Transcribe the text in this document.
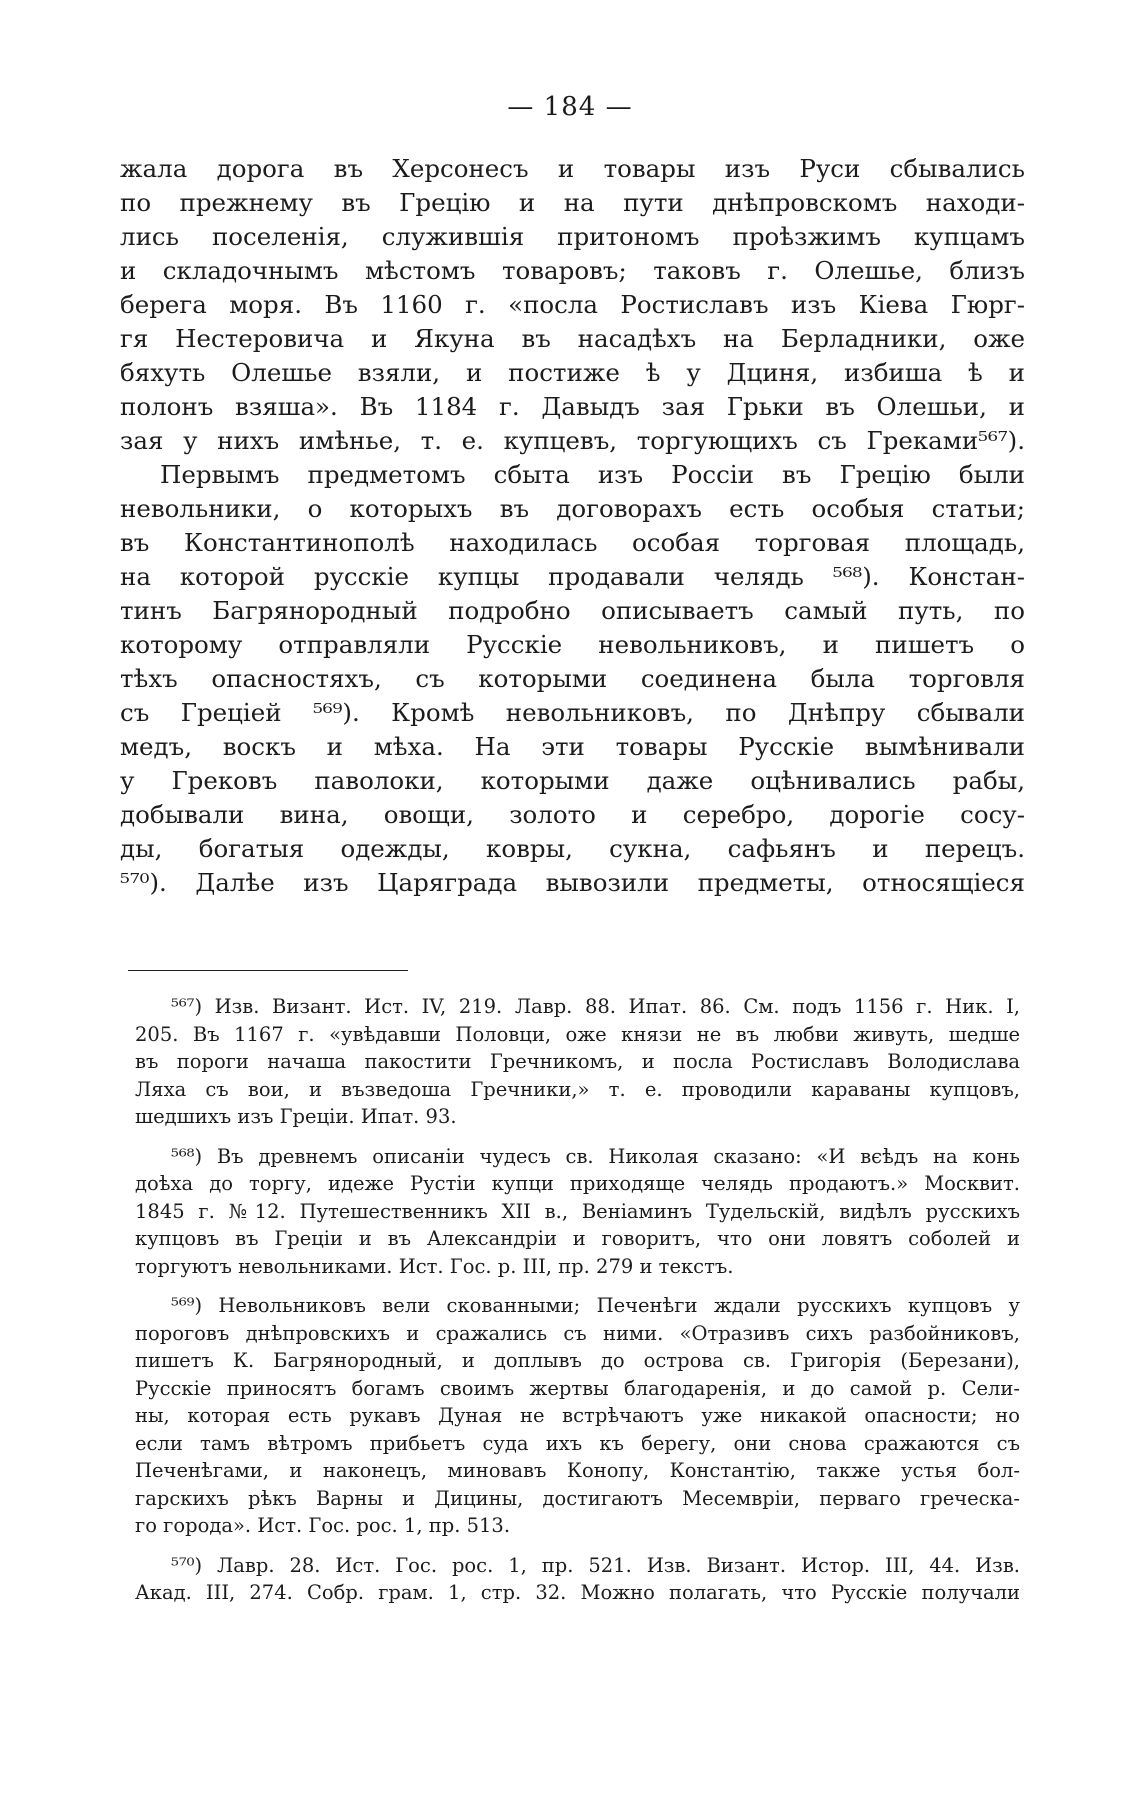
— 184 —
жала дорога въ Херсонесъ и товары изъ Руси сбывались
по прежнему въ Грецію и на пути днѣпровскомъ находи-
лись поселенія, служившія притономъ проѣзжимъ купцамъ
и складочнымъ мѣстомъ товаровъ; таковъ г. Олешье, близъ
берега моря. Въ 1160 г. «посла Ростиславъ изъ Кіева Гюрг-
гя Нестеровича и Якуна въ насадѣхъ на Берладники, оже
бяхуть Олешье взяли, и постиже ѣ у Дциня, избиша ѣ и
полонъ взяша». Въ 1184 г. Давыдъ зая Грьки въ Олешьи, и
зая у нихъ имѣнье, т. е. купцевъ, торгующихъ съ Греками⁵⁶⁷).
Первымъ предметомъ сбыта изъ Россіи въ Грецію были
невольники, о которыхъ въ договорахъ есть особыя статьи;
въ Константинополѣ находилась особая торговая площадь,
на которой русскіе купцы продавали челядь ⁵⁶⁸). Констан-
тинъ Багрянородный подробно описываетъ самый путь, по
которому отправляли Русскіе невольниковъ, и пишетъ о
тѣхъ опасностяхъ, съ которыми соединена была торговля
съ Греціей ⁵⁶⁹). Кромѣ невольниковъ, по Днѣпру сбывали
медъ, воскъ и мѣха. На эти товары Русскіе вымѣнивали
у Грековъ паволоки, которыми даже оцѣнивались рабы,
добывали вина, овощи, золото и серебро, дорогіе сосу-
ды, богатыя одежды, ковры, сукна, сафьянъ и перецъ.
⁵⁷⁰). Далѣе изъ Царяграда вывозили предметы, относящіеся
⁵⁶⁷) Изв. Визант. Ист. IV, 219. Лавр. 88. Ипат. 86. См. подъ 1156 г. Ник. I,
205. Въ 1167 г. «увѣдавши Половци, оже князи не въ любви живуть, шедше
въ пороги начаша пакостити Гречникомъ, и посла Ростиславъ Володислава
Ляха съ вои, и възведоша Гречники,» т. е. проводили караваны купцовъ,
шедшихъ изъ Греціи. Ипат. 93.
⁵⁶⁸) Въ древнемъ описаніи чудесъ св. Николая сказано: «И вєѣдъ на конь
доѣха до торгу, идеже Рустіи купци приходяще челядь продаютъ.» Москвит.
1845 г. №12. Путешественникъ XII в., Веніаминъ Тудельскій, видѣлъ русскихъ
купцовъ въ Греціи и въ Александріи и говоритъ, что они ловятъ соболей и
торгуютъ невольниками. Ист. Гос. р. III, пр. 279 и текстъ.
⁵⁶⁹) Невольниковъ вели скованными; Печенѣги ждали русскихъ купцовъ у
пороговъ днѣпровскихъ и сражались съ ними. «Отразивъ сихъ разбойниковъ,
пишетъ К. Багрянородный, и доплывъ до острова св. Григорія (Березани),
Русскіе приносятъ богамъ своимъ жертвы благодаренія, и до самой р. Сели-
ны, которая есть рукавъ Дуная не встрѣчаютъ уже никакой опасности; но
если тамъ вѣтромъ прибьетъ суда ихъ къ берегу, они снова сражаются съ
Печенѣгами, и наконецъ, миновавъ Конопу, Константію, также устья бол-
гарскихъ рѣкъ Варны и Дицины, достигаютъ Месемвріи, перваго греческа-
го города». Ист. Гос. рос. 1, пр. 513.
⁵⁷⁰) Лавр. 28. Ист. Гос. рос. 1, пр. 521. Изв. Визант. Истор. III, 44. Изв.
Акад. III, 274. Собр. грам. 1, стр. 32. Можно полагать, что Русскіе получали
